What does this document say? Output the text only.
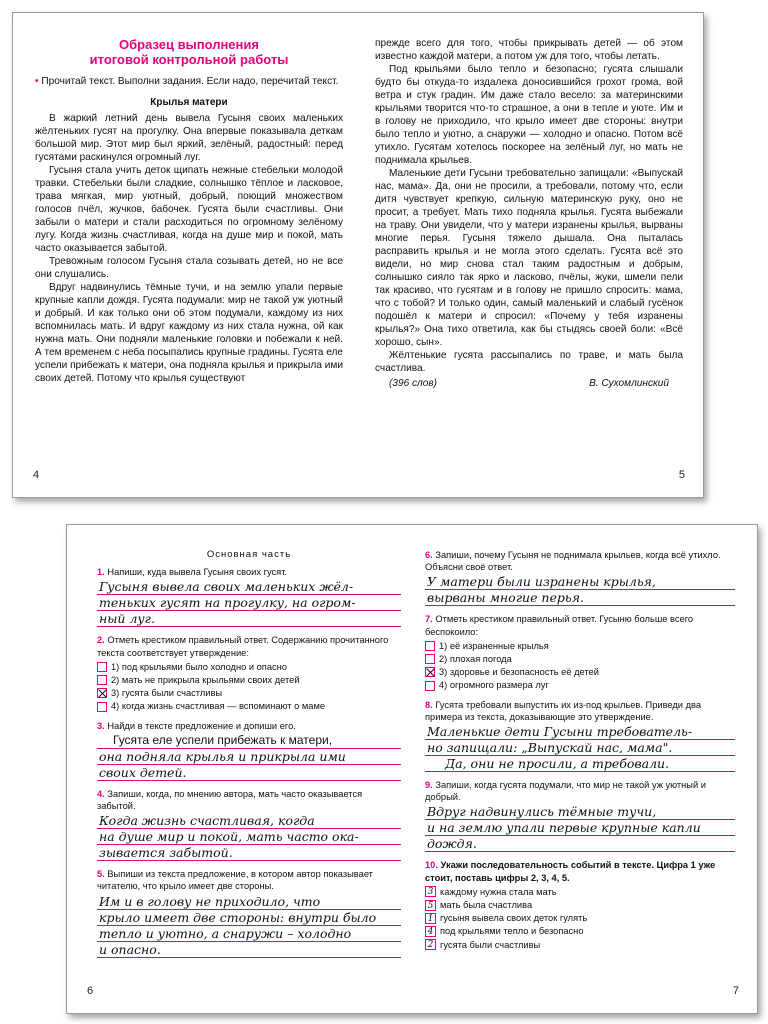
Образец выполнения
итоговой контрольной работы

• Прочитай текст. Выполни задания. Если надо, перечитай текст.

Крылья матери

В жаркий летний день вывела Гусыня своих маленьких жёлтеньких гусят на прогулку. Она впервые показывала деткам большой мир. Этот мир был яркий, зелёный, радостный: перед гусятами раскинулся огромный луг.

Гусыня стала учить деток щипать нежные стебельки молодой травки. Стебельки были сладкие, солнышко тёплое и ласковое, трава мягкая, мир уютный, добрый, поющий множеством голосов пчёл, жучков, бабочек. Гусята были счастливы. Они забыли о матери и стали расходиться по огромному зелёному лугу. Когда жизнь счастливая, когда на душе мир и покой, мать часто оказывается забытой.

Тревожным голосом Гусыня стала созывать детей, но не все они слушались.

Вдруг надвинулись тёмные тучи, и на землю упали первые крупные капли дождя. Гусята подумали: мир не такой уж уютный и добрый. И как только они об этом подумали, каждому из них вспомнилась мать. И вдруг каждому из них стала нужна, ой как нужна мать. Они подняли маленькие головки и побежали к ней. А тем временем с неба посыпались крупные градины. Гусята еле успели прибежать к матери, она подняла крылья и прикрыла ими своих детей. Потому что крылья существуют

4

прежде всего для того, чтобы прикрывать детей — об этом известно каждой матери, а потом уж для того, чтобы летать.

Под крыльями было тепло и безопасно; гусята слышали будто бы откуда-то издалека доносившийся грохот грома, вой ветра и стук градин. Им даже стало весело: за материнскими крыльями творится что-то страшное, а они в тепле и уюте. Им и в голову не приходило, что крыло имеет две стороны: внутри было тепло и уютно, а снаружи — холодно и опасно. Потом всё утихло. Гусятам хотелось поскорее на зелёный луг, но мать не поднимала крыльев.

Маленькие дети Гусыни требовательно запищали: «Выпускай нас, мама». Да, они не просили, а требовали, потому что, если дитя чувствует крепкую, сильную материнскую руку, оно не просит, а требует. Мать тихо подняла крылья. Гусята выбежали на траву. Они увидели, что у матери изранены крылья, вырваны многие перья. Гусыня тяжело дышала. Она пыталась расправить крылья и не могла этого сделать. Гусята всё это видели, но мир снова стал таким радостным и добрым, солнышко сияло так ярко и ласково, пчёлы, жуки, шмели пели так красиво, что гусятам и в голову не пришло спросить: мама, что с тобой? И только один, самый маленький и слабый гусёнок подошёл к матери и спросил: «Почему у тебя изранены крылья?» Она тихо ответила, как бы стыдясь своей боли: «Всё хорошо, сын».

Жёлтенькие гусята рассыпались по траве, и мать была счастлива.

(396 слов)	В. Сухомлинский
5
Основная часть

1. Напиши, куда вывела Гусыня своих гусят.

Гусыня вывела своих маленьких жёл-
теньких гусят на прогулку, на огром-
ный луг.

2. Отметь крестиком правильный ответ. Содержанию прочитанного текста соответствует утверждение:

1) под крыльями было холодно и опасно
2) мать не прикрыла крыльями своих детей
3) гусята были счастливы
4) когда жизнь счастливая — вспоминают о маме

3. Найди в тексте предложение и допиши его.

Гусята еле успели прибежать к матери,
она подняла крылья и прикрыла ими
своих детей.

4. Запиши, когда, по мнению автора, мать часто оказывается забытой.

Когда жизнь счастливая, когда
на душе мир и покой, мать часто ока-
зывается забытой.

5. Выпиши из текста предложение, в котором автор показывает читателю, что крыло имеет две стороны.

Им и в голову не приходило, что
крыло имеет две стороны: внутри было
тепло и уютно, а снаружи – холодно
и опасно.
6

6. Запиши, почему Гусыня не поднимала крыльев, когда всё утихло. Объясни своё ответ.

У матери были изранены крылья,
вырваны многие перья.

7. Отметь крестиком правильный ответ. Гусыню больше всего беспокоило:

1) её израненные крылья
2) плохая погода
3) здоровье и безопасность её детей
4) огромного размера луг

8. Гусята требовали выпустить их из-под крыльев. Приведи два примера из текста, доказывающие это утверждение.

Маленькие дети Гусыни требователь-
но запищали: „Выпускай нас, мама".
Да, они не просили, а требовали.

9. Запиши, когда гусята подумали, что мир не такой уж уютный и добрый.

Вдруг надвинулись тёмные тучи,
и на землю упали первые крупные капли
дождя.

10. Укажи последовательность событий в тексте. Цифра 1 уже стоит, поставь цифры 2, 3, 4, 5.

3 каждому нужна стала мать
5 мать была счастлива
1 гусыня вывела своих деток гулять
4 под крыльями тепло и безопасно
2 гусята были счастливы
7
